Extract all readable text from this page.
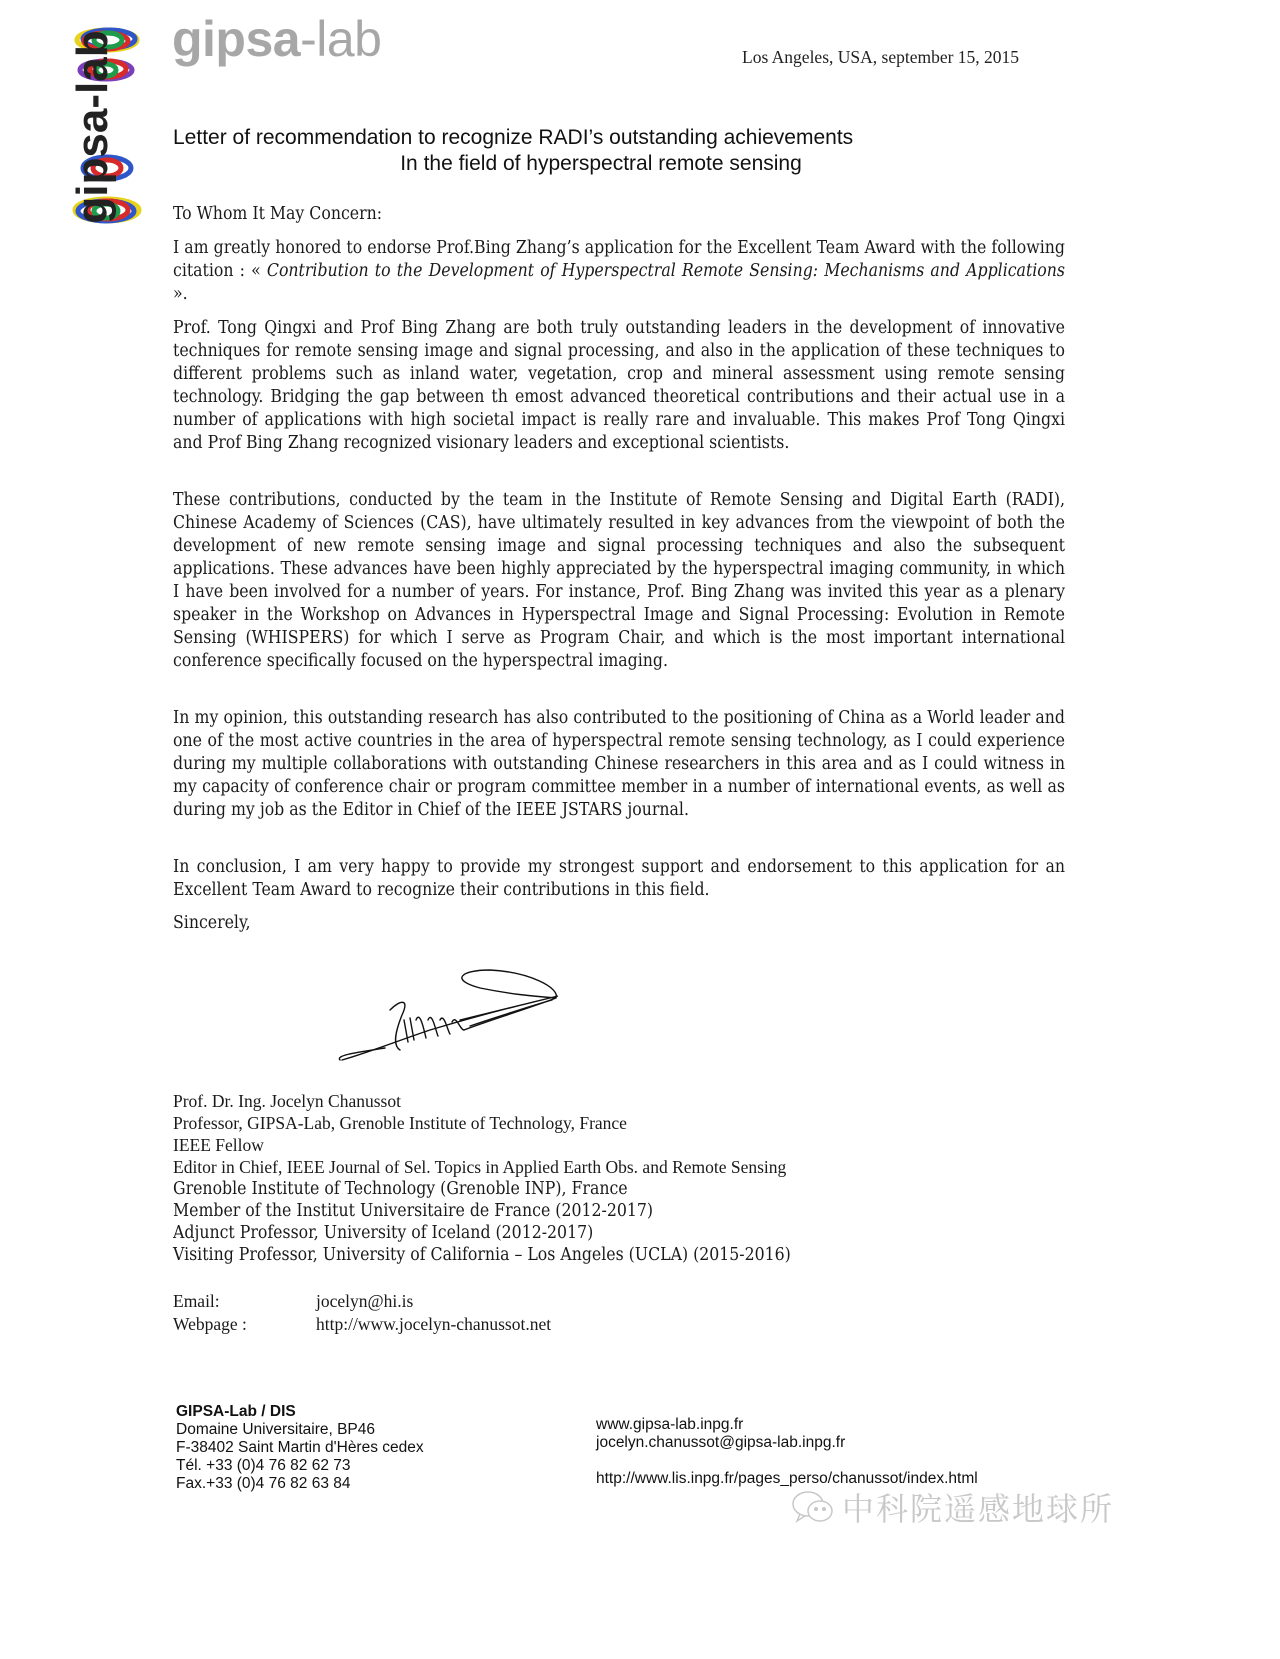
gipsa-lab gipsa-lab	Los Angeles, USA, september 15, 2015
Letter of recommendation to recognize RADI’s outstanding achievements
In the field of hyperspectral remote sensing
To Whom It May Concern:
I am greatly honored to endorse Prof.Bing Zhang’s application for the Excellent Team Award with the following citation : « Contribution to the Development of Hyperspectral Remote Sensing: Mechanisms and Applications ».
Prof. Tong Qingxi and Prof Bing Zhang are both truly outstanding leaders in the development of innovative techniques for remote sensing image and signal processing, and also in the application of these techniques to different problems such as inland water, vegetation, crop and mineral assessment using remote sensing technology. Bridging the gap between th emost advanced theoretical contributions and their actual use in a number of applications with high societal impact is really rare and invaluable. This makes Prof Tong Qingxi and Prof Bing Zhang recognized visionary leaders and exceptional scientists.
These contributions, conducted by the team in the Institute of Remote Sensing and Digital Earth (RADI), Chinese Academy of Sciences (CAS), have ultimately resulted in key advances from the viewpoint of both the development of new remote sensing image and signal processing techniques and also the subsequent applications. These advances have been highly appreciated by the hyperspectral imaging community, in which I have been involved for a number of years. For instance, Prof. Bing Zhang was invited this year as a plenary speaker in the Workshop on Advances in Hyperspectral Image and Signal Processing: Evolution in Remote Sensing (WHISPERS) for which I serve as Program Chair, and which is the most important international conference specifically focused on the hyperspectral imaging.
In my opinion, this outstanding research has also contributed to the positioning of China as a World leader and one of the most active countries in the area of hyperspectral remote sensing technology, as I could experience during my multiple collaborations with outstanding Chinese researchers in this area and as I could witness in my capacity of conference chair or program committee member in a number of international events, as well as during my job as the Editor in Chief of the IEEE JSTARS journal.
In conclusion, I am very happy to provide my strongest support and endorsement to this application for an Excellent Team Award to recognize their contributions in this field.
Sincerely,
Prof. Dr. Ing. Jocelyn Chanussot
Professor, GIPSA-Lab, Grenoble Institute of Technology, France
IEEE Fellow
Editor in Chief, IEEE Journal of Sel. Topics in Applied Earth Obs. and Remote Sensing
Grenoble Institute of Technology (Grenoble INP), France
Member of the Institut Universitaire de France (2012-2017)
Adjunct Professor, University of Iceland (2012-2017)
Visiting Professor, University of California – Los Angeles (UCLA) (2015-2016)
Email:	jocelyn@hi.is
Webpage :	http://www.jocelyn-chanussot.net
GIPSA-Lab / DIS
Domaine Universitaire, BP46
F-38402 Saint Martin d'Hères cedex
Tél. +33 (0)4 76 82 62 73
Fax.+33 (0)4 76 82 63 84
www.gipsa-lab.inpg.fr
jocelyn.chanussot@gipsa-lab.inpg.fr
http://www.lis.inpg.fr/pages_perso/chanussot/index.html
中科院遥感地球所
